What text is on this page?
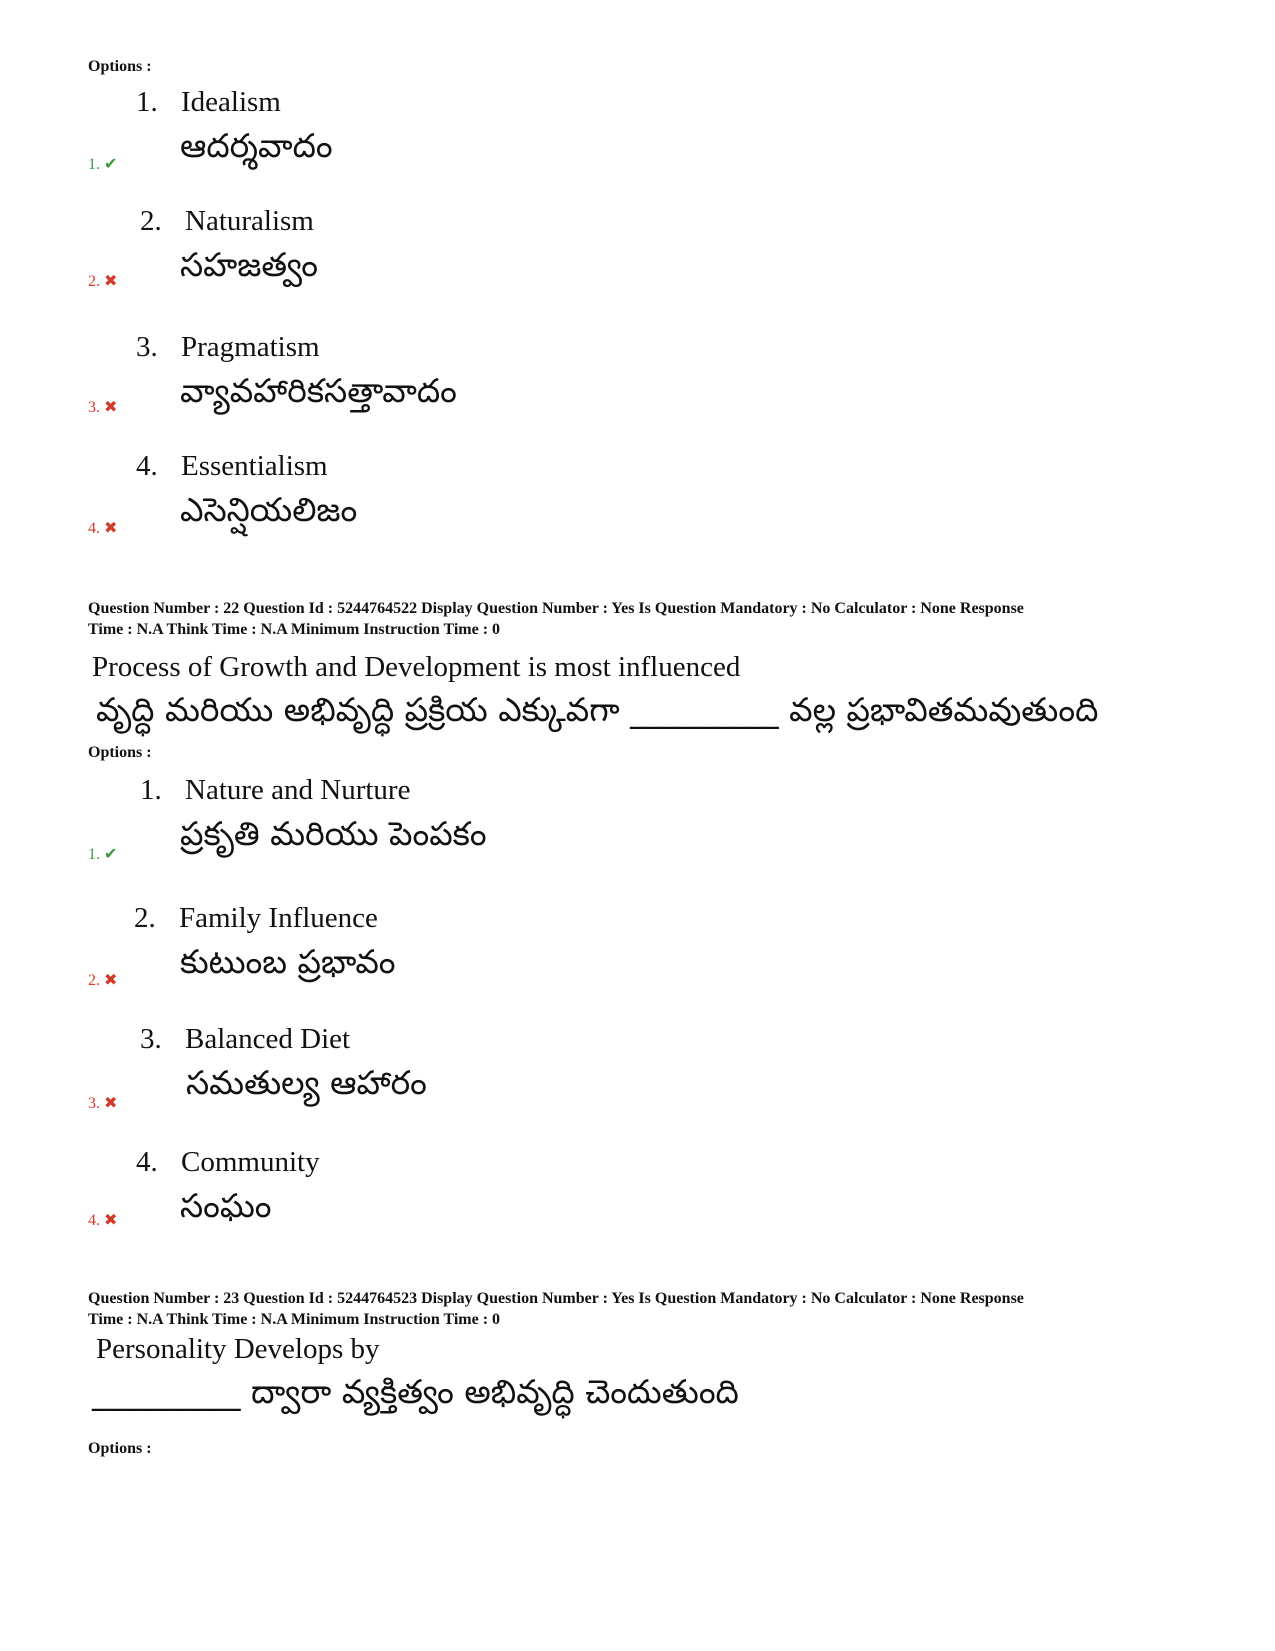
Options :
1. Idealism
ఆదర్శవాదం
1. ✔
2. Naturalism
సహజత్వం
2. ✖
3. Pragmatism
వ్యావహారికసత్తావాదం
3. ✖
4. Essentialism
ఎసెన్షియలిజం
4. ✖
Question Number : 22 Question Id : 5244764522 Display Question Number : Yes Is Question Mandatory : No Calculator : None Response
Time : N.A Think Time : N.A Minimum Instruction Time : 0
Process of Growth and Development is most influenced
వృద్ధి మరియు అభివృద్ధి ప్రక్రియ ఎక్కువగా _________ వల్ల ప్రభావితమవుతుంది
Options :
1. Nature and Nurture
ప్రకృతి మరియు పెంపకం
1. ✔
2. Family Influence
కుటుంబ ప్రభావం
2. ✖
3. Balanced Diet
సమతుల్య ఆహారం
3. ✖
4. Community
సంఘం
4. ✖
Question Number : 23 Question Id : 5244764523 Display Question Number : Yes Is Question Mandatory : No Calculator : None Response
Time : N.A Think Time : N.A Minimum Instruction Time : 0
Personality Develops by
_________ ద్వారా వ్యక్తిత్వం అభివృద్ధి చెందుతుంది
Options :
